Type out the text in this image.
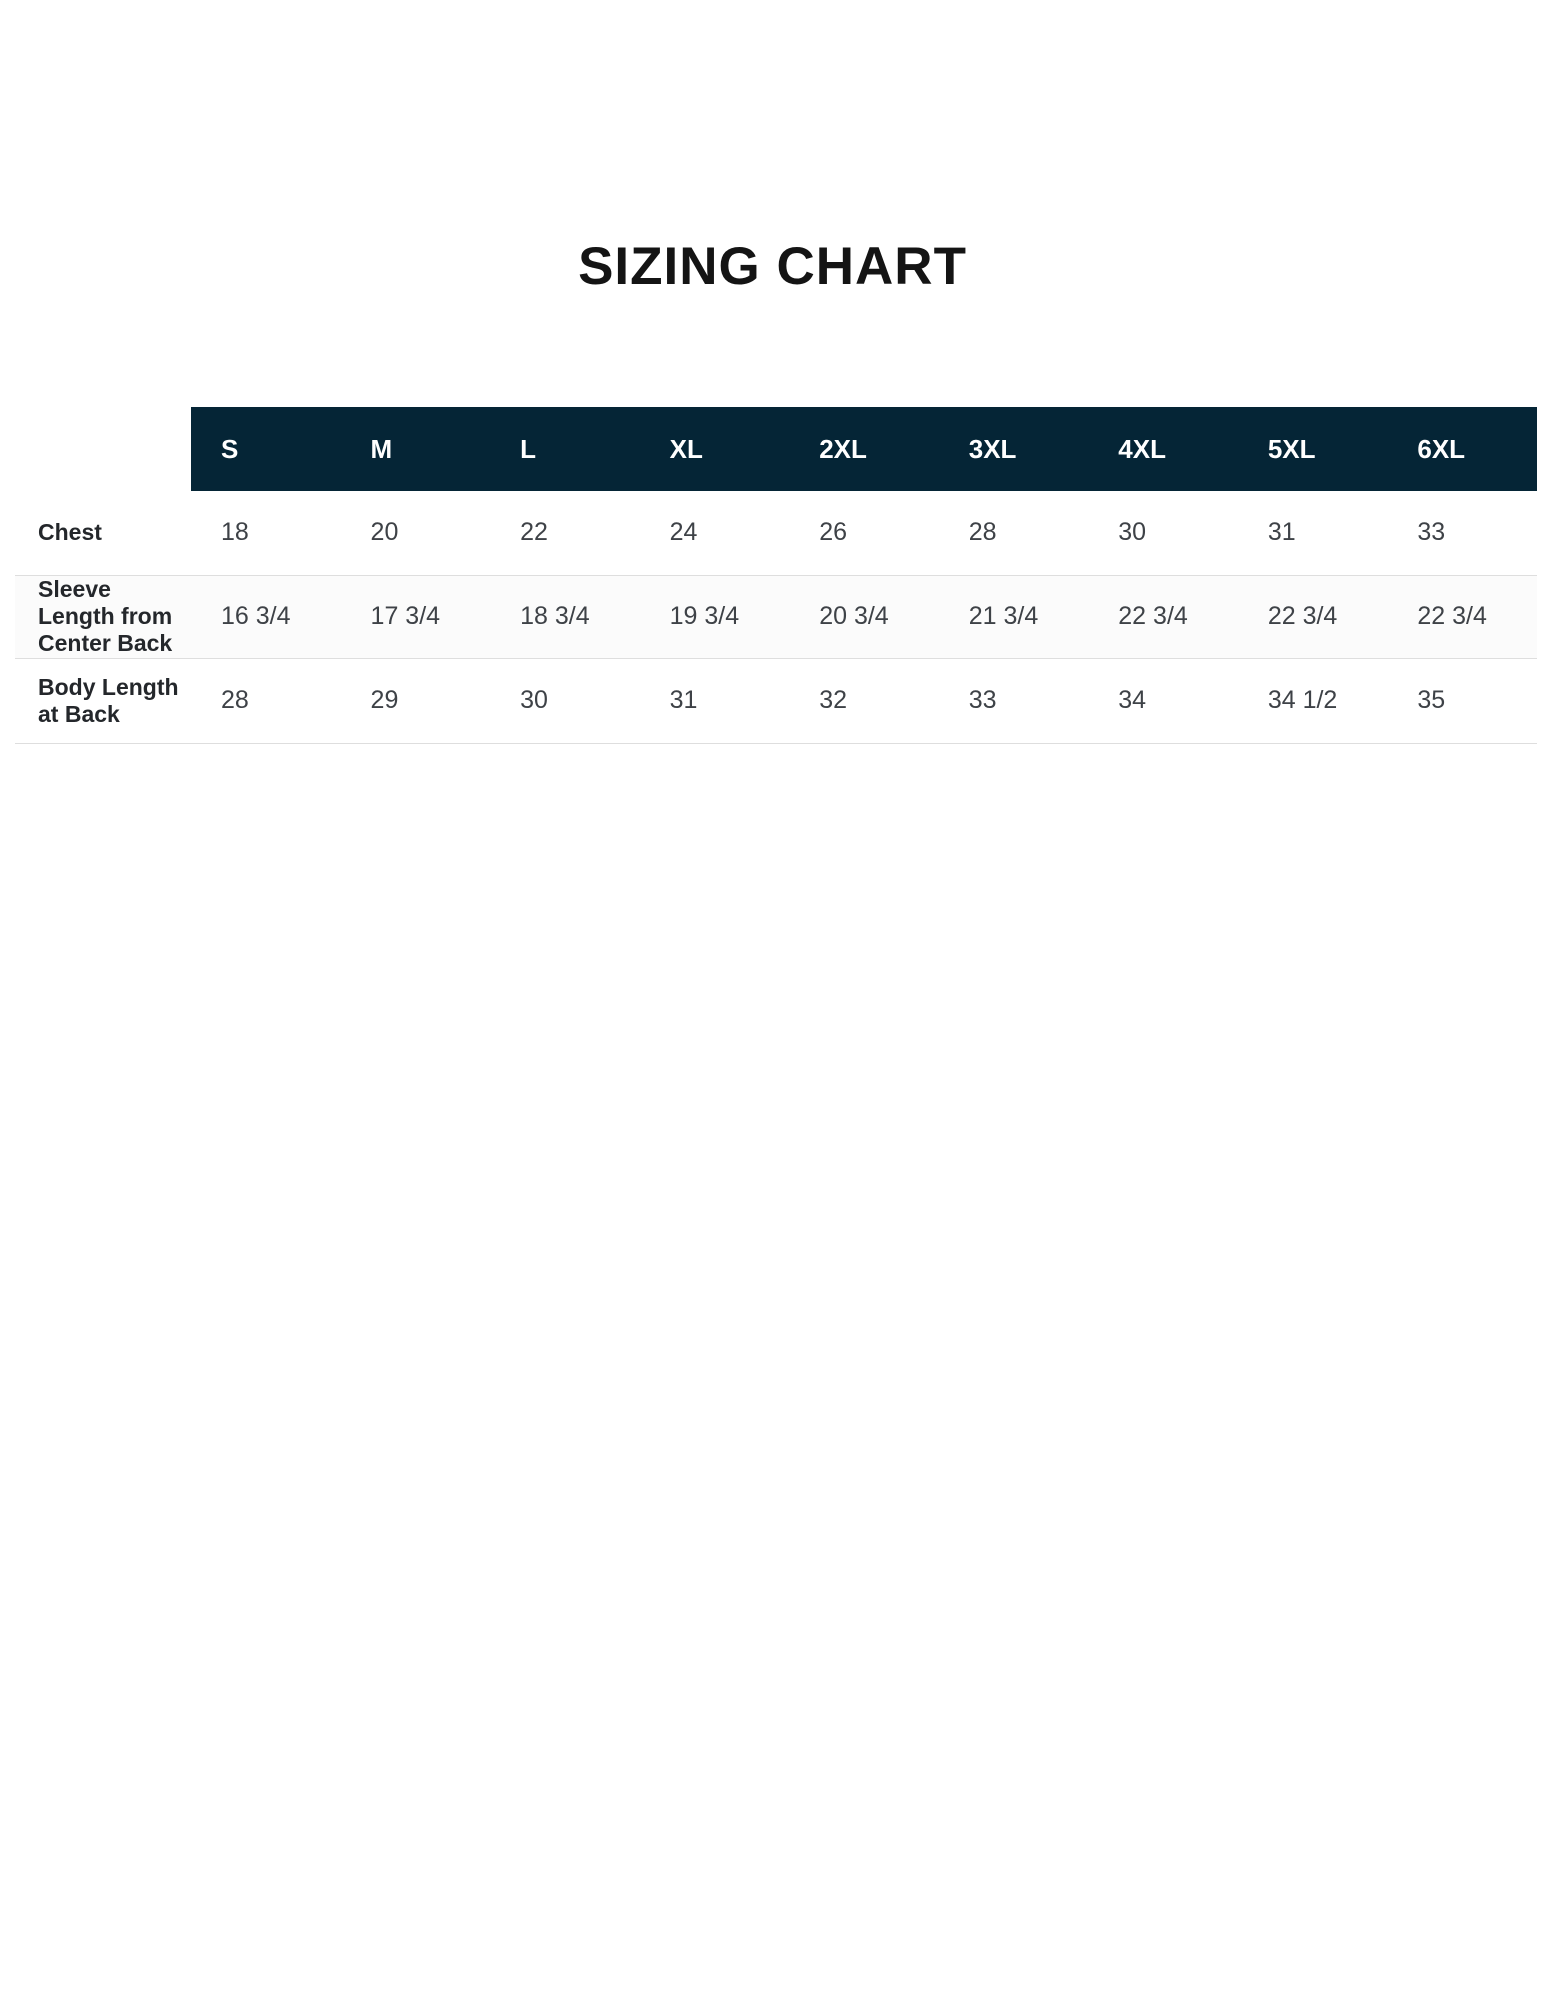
SIZING CHART
	S	M	L	XL	2XL	3XL	4XL	5XL	6XL
Chest	18	20	22	24	26	28	30	31	33
Sleeve
Length from
Center Back	16 3/4	17 3/4	18 3/4	19 3/4	20 3/4	21 3/4	22 3/4	22 3/4	22 3/4
Body Length
at Back	28	29	30	31	32	33	34	34 1/2	35
